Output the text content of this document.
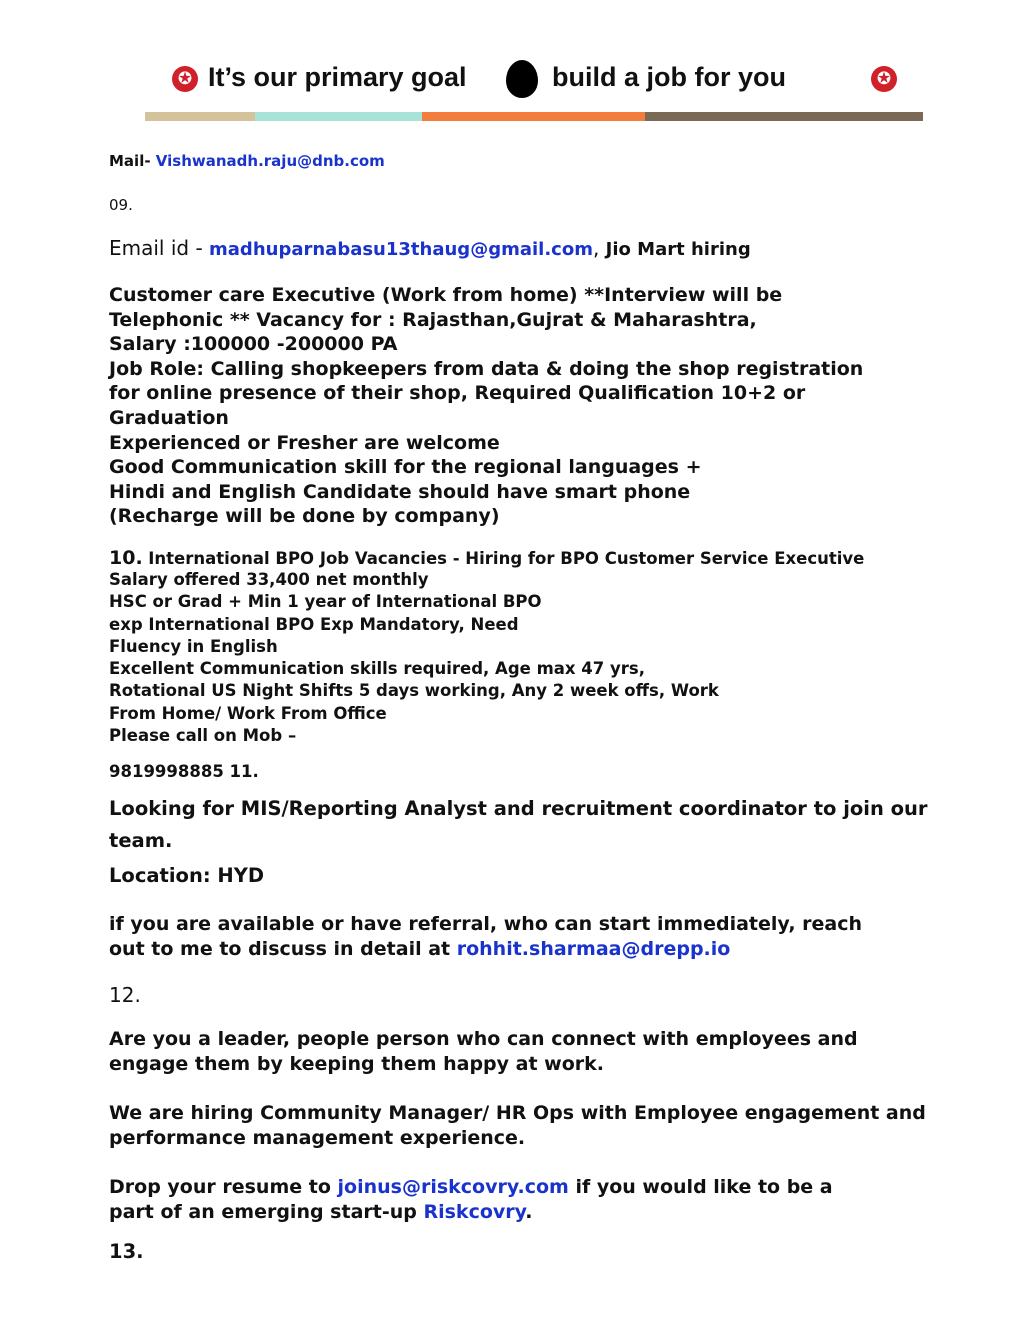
✪ It’s our primary goal	build a job for you	✪
Mail- Vishwanadh.raju@dnb.com
09.
Email id - madhuparnabasu13thaug@gmail.com, Jio Mart hiring
Customer care Executive (Work from home) **Interview will be
Telephonic ** Vacancy for : Rajasthan,Gujrat & Maharashtra,
Salary :100000 -200000 PA
Job Role: Calling shopkeepers from data & doing the shop registration
for online presence of their shop, Required Qualification 10+2 or
Graduation
Experienced or Fresher are welcome
Good Communication skill for the regional languages +
Hindi and English Candidate should have smart phone
(Recharge will be done by company)
10. International BPO Job Vacancies - Hiring for BPO Customer Service Executive
Salary offered 33,400 net monthly
HSC or Grad + Min 1 year of International BPO
exp International BPO Exp Mandatory, Need
Fluency in English
Excellent Communication skills required, Age max 47 yrs,
Rotational US Night Shifts 5 days working, Any 2 week offs, Work
From Home/ Work From Office
Please call on Mob –
9819998885 11.
Looking for MIS/Reporting Analyst and recruitment coordinator to join our
team.
Location: HYD
if you are available or have referral, who can start immediately, reach
out to me to discuss in detail at rohhit.sharmaa@drepp.io
12.
Are you a leader, people person who can connect with employees and
engage them by keeping them happy at work.
We are hiring Community Manager/ HR Ops with Employee engagement and
performance management experience.
Drop your resume to joinus@riskcovry.com if you would like to be a
part of an emerging start-up Riskcovry.
13.
